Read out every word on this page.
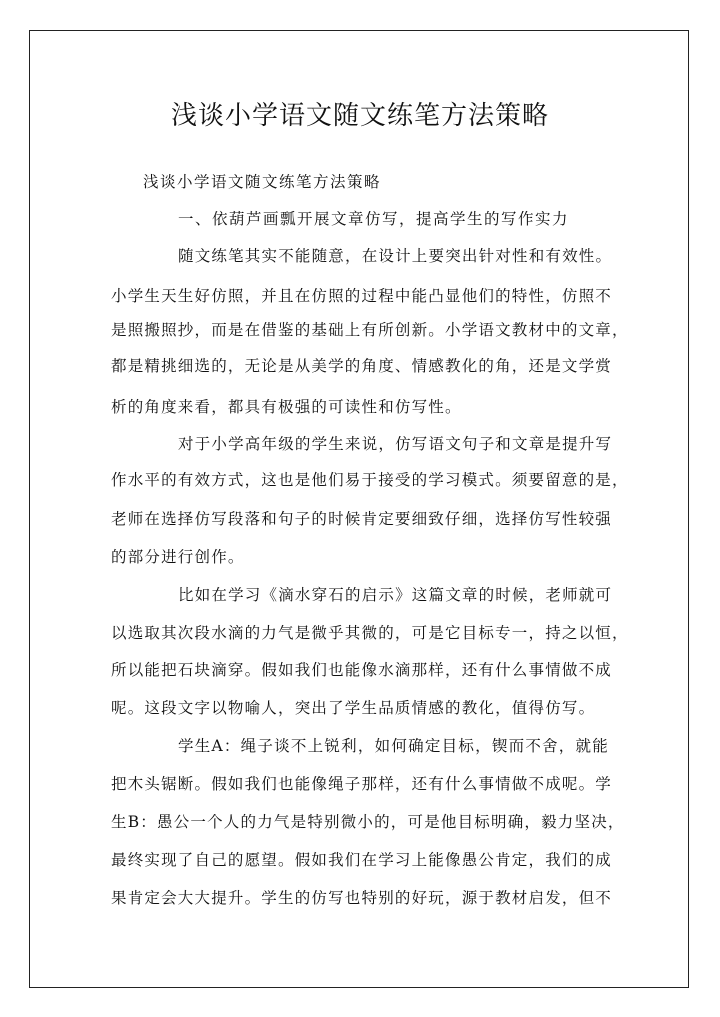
浅谈小学语文随文练笔方法策略
浅谈小学语文随文练笔方法策略
一、依葫芦画瓢开展文章仿写，提高学生的写作实力
随文练笔其实不能随意，在设计上要突出针对性和有效性。
小学生天生好仿照，并且在仿照的过程中能凸显他们的特性，仿照不
是照搬照抄，而是在借鉴的基础上有所创新。小学语文教材中的文章，
都是精挑细选的，无论是从美学的角度、情感教化的角，还是文学赏
析的角度来看，都具有极强的可读性和仿写性。
对于小学高年级的学生来说，仿写语文句子和文章是提升写
作水平的有效方式，这也是他们易于接受的学习模式。须要留意的是，
老师在选择仿写段落和句子的时候肯定要细致仔细，选择仿写性较强
的部分进行创作。
比如在学习《滴水穿石的启示》这篇文章的时候，老师就可
以选取其次段水滴的力气是微乎其微的，可是它目标专一，持之以恒，
所以能把石块滴穿。假如我们也能像水滴那样，还有什么事情做不成
呢。这段文字以物喻人，突出了学生品质情感的教化，值得仿写。
学生A：绳子谈不上锐利，如何确定目标，锲而不舍，就能
把木头锯断。假如我们也能像绳子那样，还有什么事情做不成呢。学
生B：愚公一个人的力气是特别微小的，可是他目标明确，毅力坚决，
最终实现了自己的愿望。假如我们在学习上能像愚公肯定，我们的成
果肯定会大大提升。学生的仿写也特别的好玩，源于教材启发，但不
